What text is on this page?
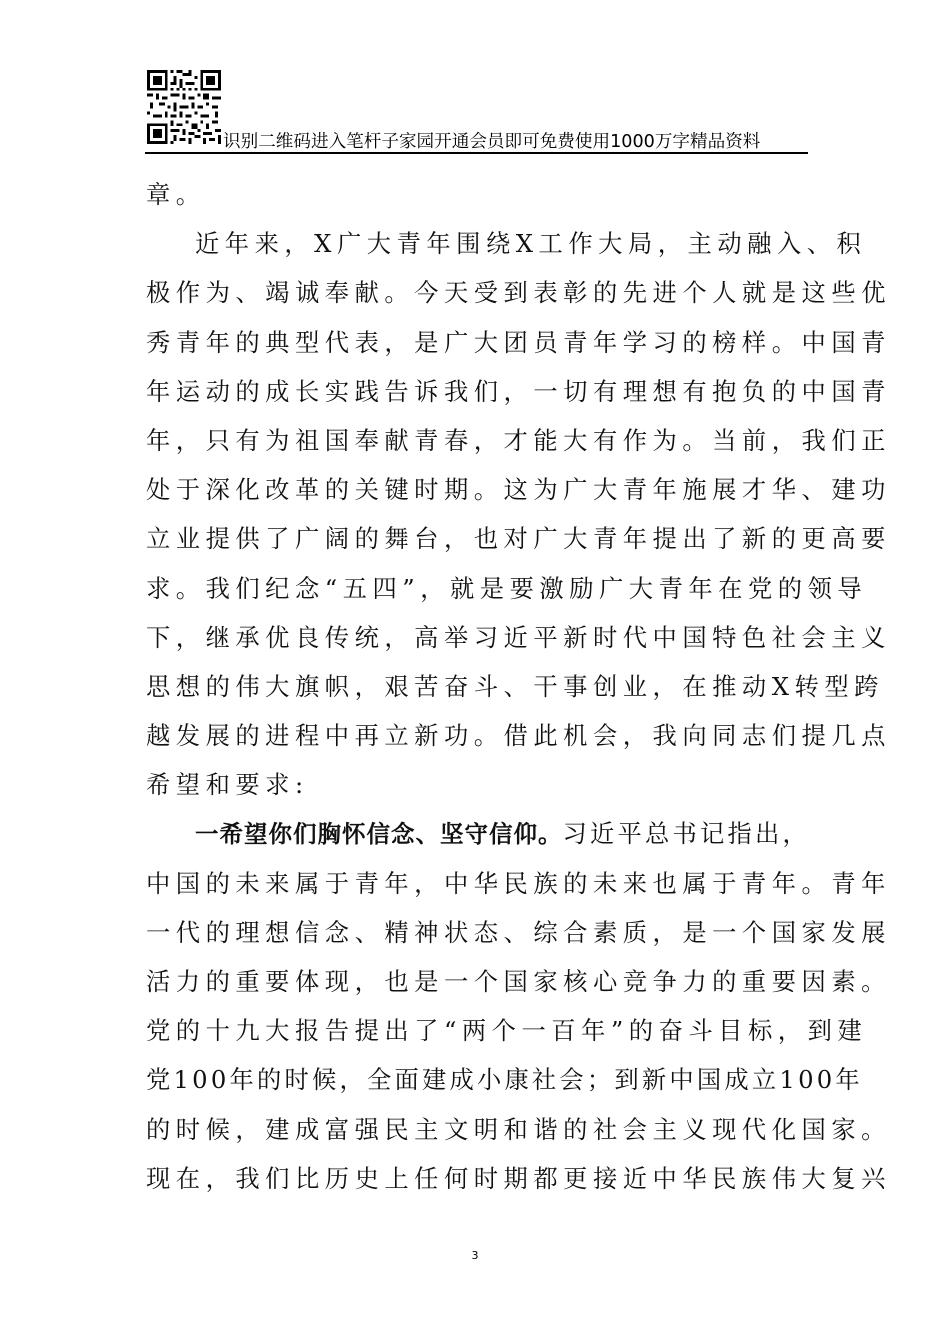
识别二维码进入笔杆子家园开通会员即可免费使用1000万字精品资料
章。
近年来，X广大青年围绕X工作大局，主动融入、积
极作为、竭诚奉献。今天受到表彰的先进个人就是这些优
秀青年的典型代表，是广大团员青年学习的榜样。中国青
年运动的成长实践告诉我们，一切有理想有抱负的中国青
年，只有为祖国奉献青春，才能大有作为。当前，我们正
处于深化改革的关键时期。这为广大青年施展才华、建功
立业提供了广阔的舞台，也对广大青年提出了新的更高要
求。我们纪念“五四”，就是要激励广大青年在党的领导
下，继承优良传统，高举习近平新时代中国特色社会主义
思想的伟大旗帜，艰苦奋斗、干事创业，在推动X转型跨
越发展的进程中再立新功。借此机会，我向同志们提几点
希望和要求:
一希望你们胸怀信念、坚守信仰。习近平总书记指出，
中国的未来属于青年，中华民族的未来也属于青年。青年
一代的理想信念、精神状态、综合素质，是一个国家发展
活力的重要体现，也是一个国家核心竞争力的重要因素。
党的十九大报告提出了“两个一百年”的奋斗目标，到建
党100年的时候，全面建成小康社会；到新中国成立100年
的时候，建成富强民主文明和谐的社会主义现代化国家。
现在，我们比历史上任何时期都更接近中华民族伟大复兴
3
